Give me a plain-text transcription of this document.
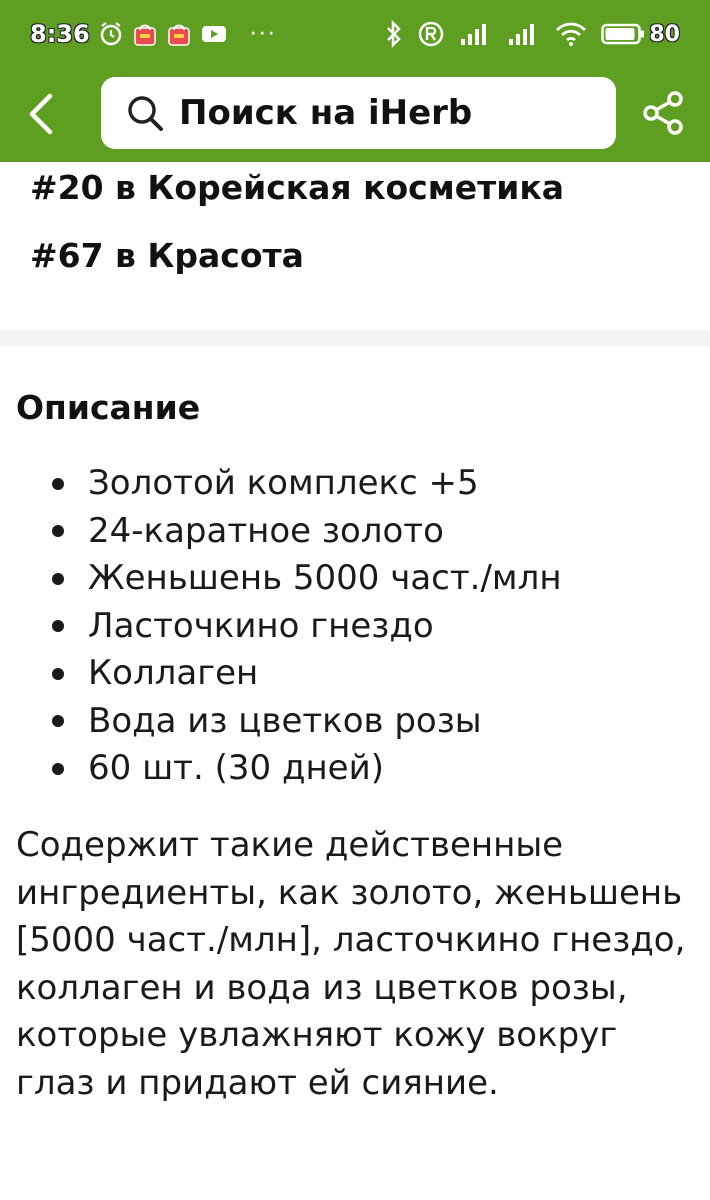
8:36	···	80
Поиск на iHerb
#20 в Корейская косметика
#67 в Красота
Описание
Золотой комплекс +5
24-каратное золото
Женьшень 5000 част./млн
Ласточкино гнездо
Коллаген
Вода из цветков розы
60 шт. (30 дней)
Содержит такие действенные ингредиенты, как золото, женьшень [5000 част./млн], ласточкино гнездо, коллаген и вода из цветков розы, которые увлажняют кожу вокруг глаз и придают ей сияние.
